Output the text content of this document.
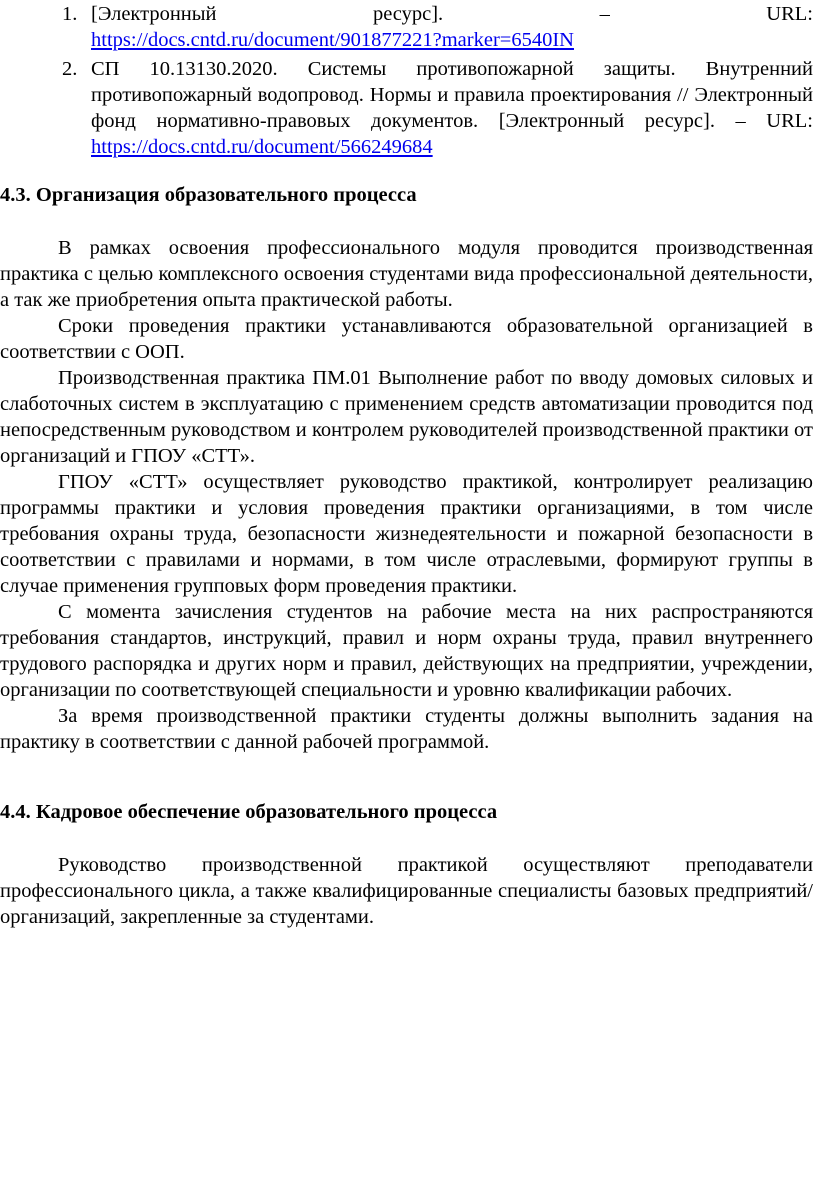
1. [Электронный ресурс]. – URL: https://docs.cntd.ru/document/901877221?marker=6540IN
2. СП 10.13130.2020. Системы противопожарной защиты. Внутренний противопожарный водопровод. Нормы и правила проектирования // Электронный фонд нормативно-правовых документов. [Электронный ресурс]. – URL: https://docs.cntd.ru/document/566249684
4.3. Организация образовательного процесса

В рамках освоения профессионального модуля проводится производственная практика с целью комплексного освоения студентами вида профессиональной деятельности, а так же приобретения опыта практической работы.

Сроки проведения практики устанавливаются образовательной организацией в соответствии с ООП.

Производственная практика ПМ.01 Выполнение работ по вводу домовых силовых и слаботочных систем в эксплуатацию с применением средств автоматизации проводится под непосредственным руководством и контролем руководителей производственной практики от организаций и ГПОУ «СТТ».

ГПОУ «СТТ» осуществляет руководство практикой, контролирует реализацию программы практики и условия проведения практики организациями, в том числе требования охраны труда, безопасности жизнедеятельности и пожарной безопасности в соответствии с правилами и нормами, в том числе отраслевыми, формируют группы в случае применения групповых форм проведения практики.

С момента зачисления студентов на рабочие места на них распространяются требования стандартов, инструкций, правил и норм охраны труда, правил внутреннего трудового распорядка и других норм и правил, действующих на предприятии, учреждении, организации по соответствующей специальности и уровню квалификации рабочих.

За время производственной практики студенты должны выполнить задания на практику в соответствии с данной рабочей программой.

4.4. Кадровое обеспечение образовательного процесса

Руководство производственной практикой осуществляют преподаватели профессионального цикла, а также квалифицированные специалисты базовых предприятий/организаций, закрепленные за студентами.
